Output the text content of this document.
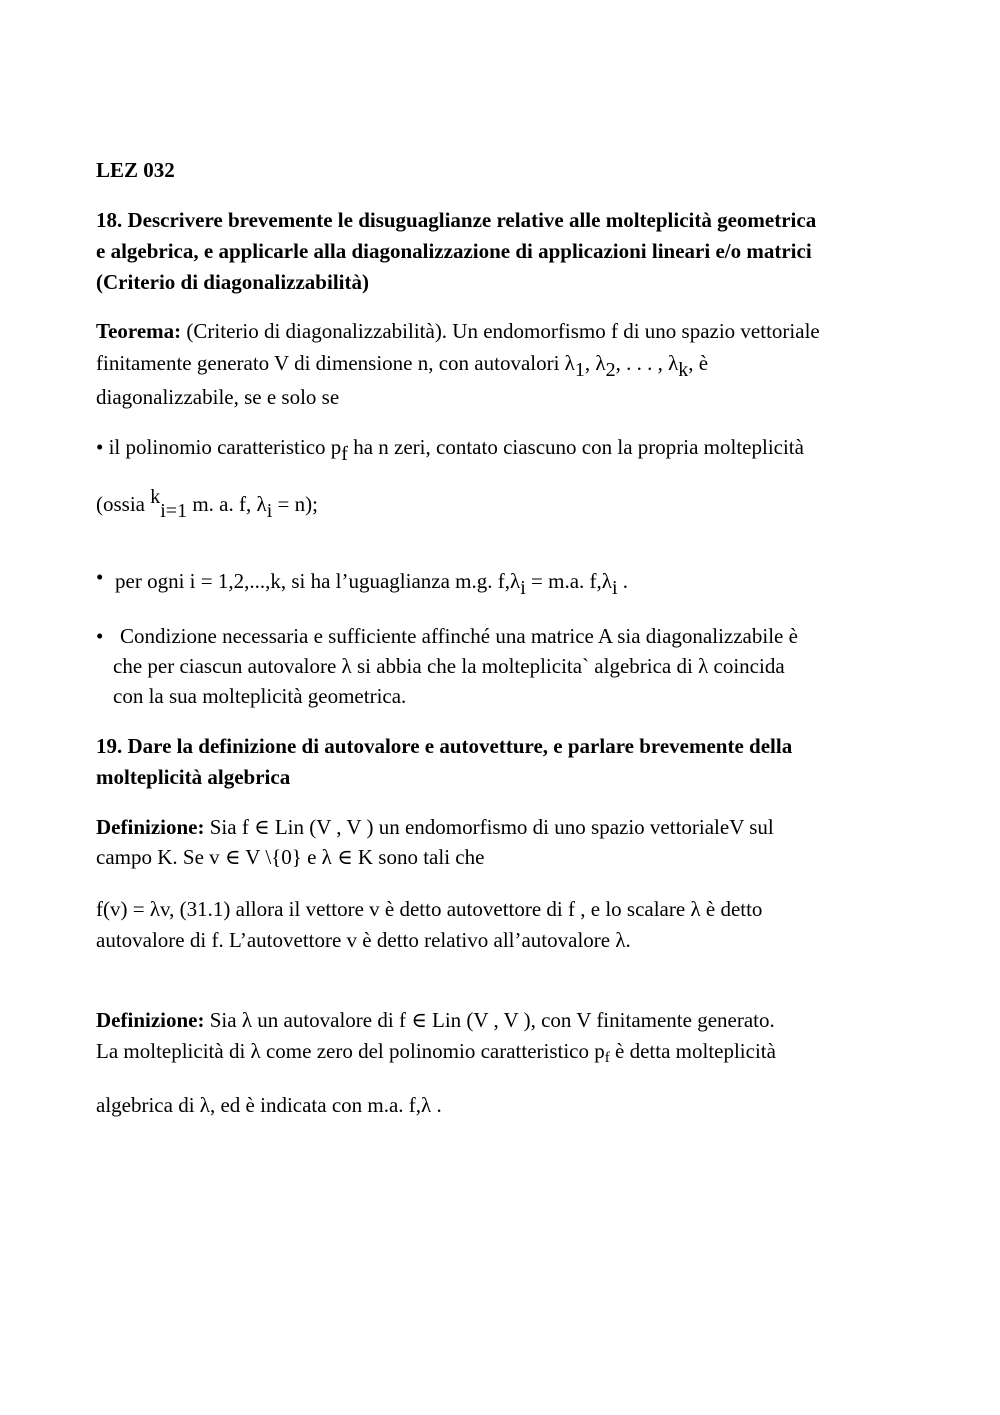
LEZ 032
18. Descrivere brevemente le disuguaglianze relative alle molteplicità geometrica
e algebrica, e applicarle alla diagonalizzazione di applicazioni lineari e/o matrici
(Criterio di diagonalizzabilità)
Teorema: (Criterio di diagonalizzabilità). Un endomorfismo f di uno spazio vettoriale
finitamente generato V di dimensione n, con autovalori λ1, λ2, . . . , λk, è
diagonalizzabile, se e solo se
• il polinomio caratteristico pf ha n zeri, contato ciascuno con la propria molteplicità
(ossia ki=1 m. a. f, λi = n);
• per ogni i = 1,2,...,k, si ha l’uguaglianza m.g. f,λi = m.a. f,λi .
• Condizione necessaria e sufficiente affinché una matrice A sia diagonalizzabile è
che per ciascun autovalore λ si abbia che la molteplicita` algebrica di λ coincida
con la sua molteplicità geometrica.
19. Dare la definizione di autovalore e autovetture, e parlare brevemente della
molteplicità algebrica
Definizione: Sia f ∈ Lin (V , V ) un endomorfismo di uno spazio vettorialeV sul
campo K. Se v ∈ V \{0} e λ ∈ K sono tali che
f(v) = λv, (31.1) allora il vettore v è detto autovettore di f , e lo scalare λ è detto
autovalore di f. L’autovettore v è detto relativo all’autovalore λ.
Definizione: Sia λ un autovalore di f ∈ Lin (V , V ), con V finitamente generato.
La molteplicità di λ come zero del polinomio caratteristico pf è detta molteplicità
algebrica di λ, ed è indicata con m.a. f,λ .
